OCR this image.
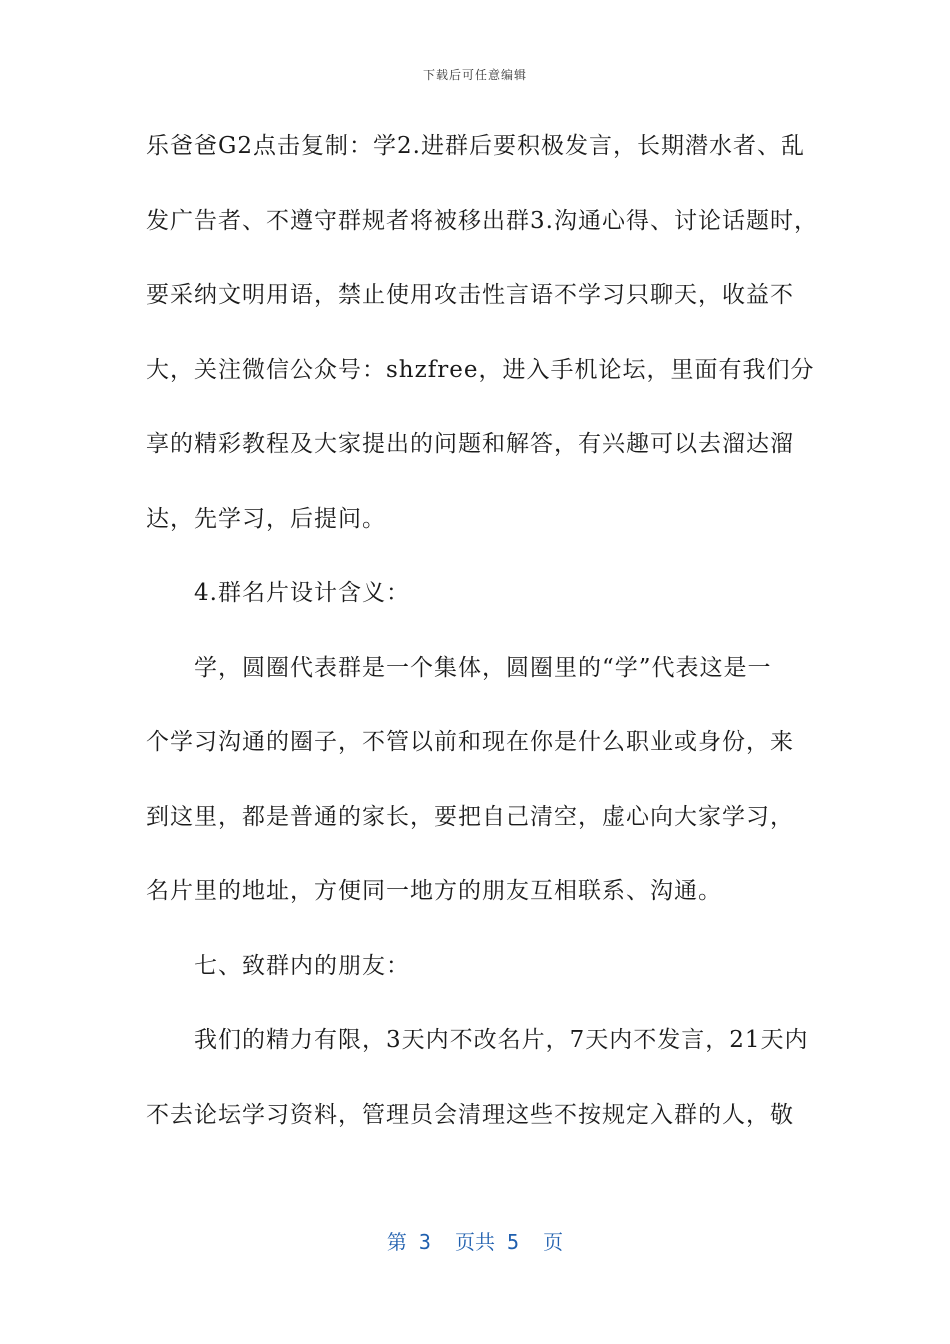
下载后可任意编辑
乐爸爸G2点击复制：学2.进群后要积极发言，长期潜水者、乱
发广告者、不遵守群规者将被移出群3.沟通心得、讨论话题时，
要采纳文明用语，禁止使用攻击性言语不学习只聊天，收益不
大，关注微信公众号：shzfree，进入手机论坛，里面有我们分
享的精彩教程及大家提出的问题和解答，有兴趣可以去溜达溜
达，先学习，后提问。
4.群名片设计含义：
学，圆圈代表群是一个集体，圆圈里的“学”代表这是一
个学习沟通的圈子，不管以前和现在你是什么职业或身份，来
到这里，都是普通的家长，要把自己清空，虚心向大家学习，
名片里的地址，方便同一地方的朋友互相联系、沟通。
七、致群内的朋友：
我们的精力有限，3天内不改名片，7天内不发言，21天内
不去论坛学习资料，管理员会清理这些不按规定入群的人，敬
第 3  页共 5  页
